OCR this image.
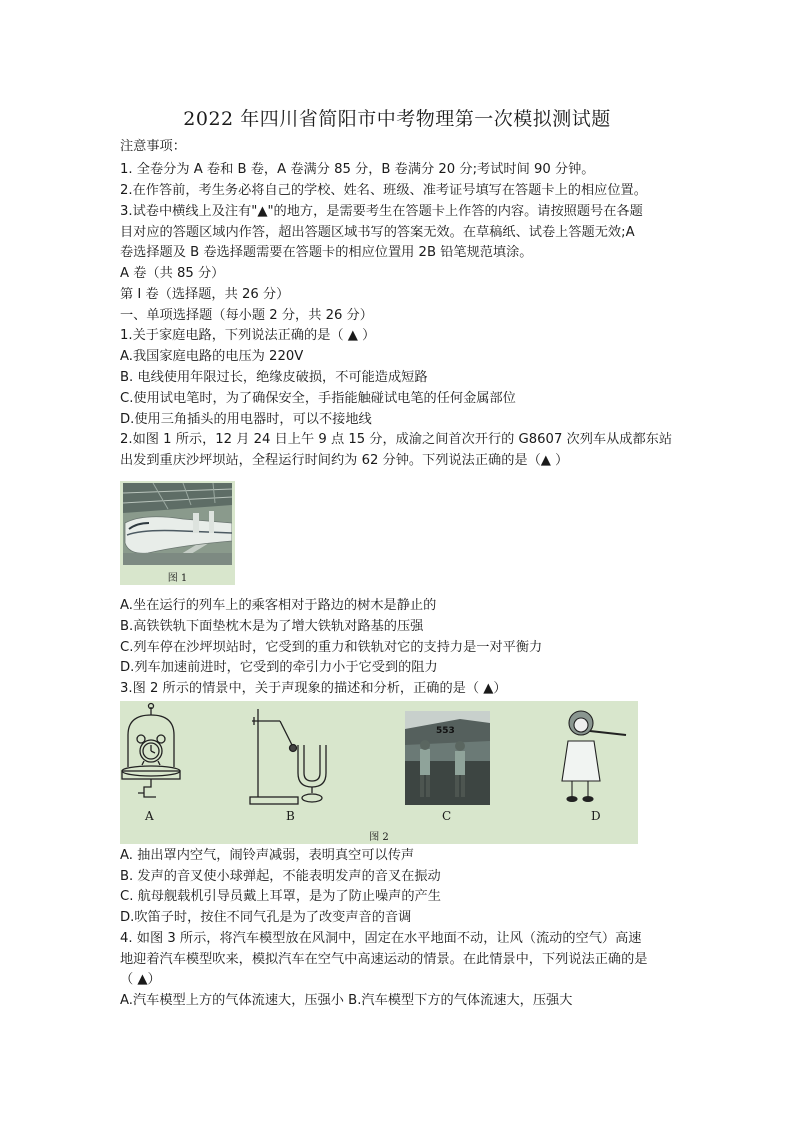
2022 年四川省简阳市中考物理第一次模拟测试题
注意事项：
1. 全卷分为 A 卷和 B 卷，A 卷满分 85 分，B 卷满分 20 分;考试时间 90 分钟。
2.在作答前，考生务必将自己的学校、姓名、班级、准考证号填写在答题卡上的相应位置。
3.试卷中横线上及注有"▲"的地方，是需要考生在答题卡上作答的内容。请按照题号在各题
目对应的答题区域内作答，超出答题区域书写的答案无效。在草稿纸、试卷上答题无效;A
卷选择题及 B 卷选择题需要在答题卡的相应位置用 2B 铅笔规范填涂。
A 卷（共 85 分）
第 I 卷（选择题，共 26 分）
一、单项选择题（每小题 2 分，共 26 分）
1.关于家庭电路，下列说法正确的是（ ▲ ）
A.我国家庭电路的电压为 220V
B. 电线使用年限过长，绝缘皮破损，不可能造成短路
C.使用试电笔时，为了确保安全，手指能触碰试电笔的任何金属部位
D.使用三角插头的用电器时，可以不接地线
2.如图 1 所示，12 月 24 日上午 9 点 15 分，成渝之间首次开行的 G8607 次列车从成都东站
出发到重庆沙坪坝站，全程运行时间约为 62 分钟。下列说法正确的是（▲ ）
图 1
A.坐在运行的列车上的乘客相对于路边的树木是静止的
B.高铁铁轨下面垫枕木是为了增大铁轨对路基的压强
C.列车停在沙坪坝站时，它受到的重力和铁轨对它的支持力是一对平衡力
D.列车加速前进时，它受到的牵引力小于它受到的阻力
3.图 2 所示的情景中，关于声现象的描述和分析，正确的是（ ▲）
553
A	B	C	D
图 2
A. 抽出罩内空气，闹铃声减弱，表明真空可以传声
B. 发声的音叉使小球弹起，不能表明发声的音叉在振动
C. 航母舰载机引导员戴上耳罩，是为了防止噪声的产生
D.吹笛子时，按住不同气孔是为了改变声音的音调
4. 如图 3 所示，将汽车模型放在风洞中，固定在水平地面不动，让风（流动的空气）高速
地迎着汽车模型吹来，模拟汽车在空气中高速运动的情景。在此情景中，下列说法正确的是
（ ▲）
A.汽车模型上方的气体流速大，压强小 B.汽车模型下方的气体流速大，压强大
